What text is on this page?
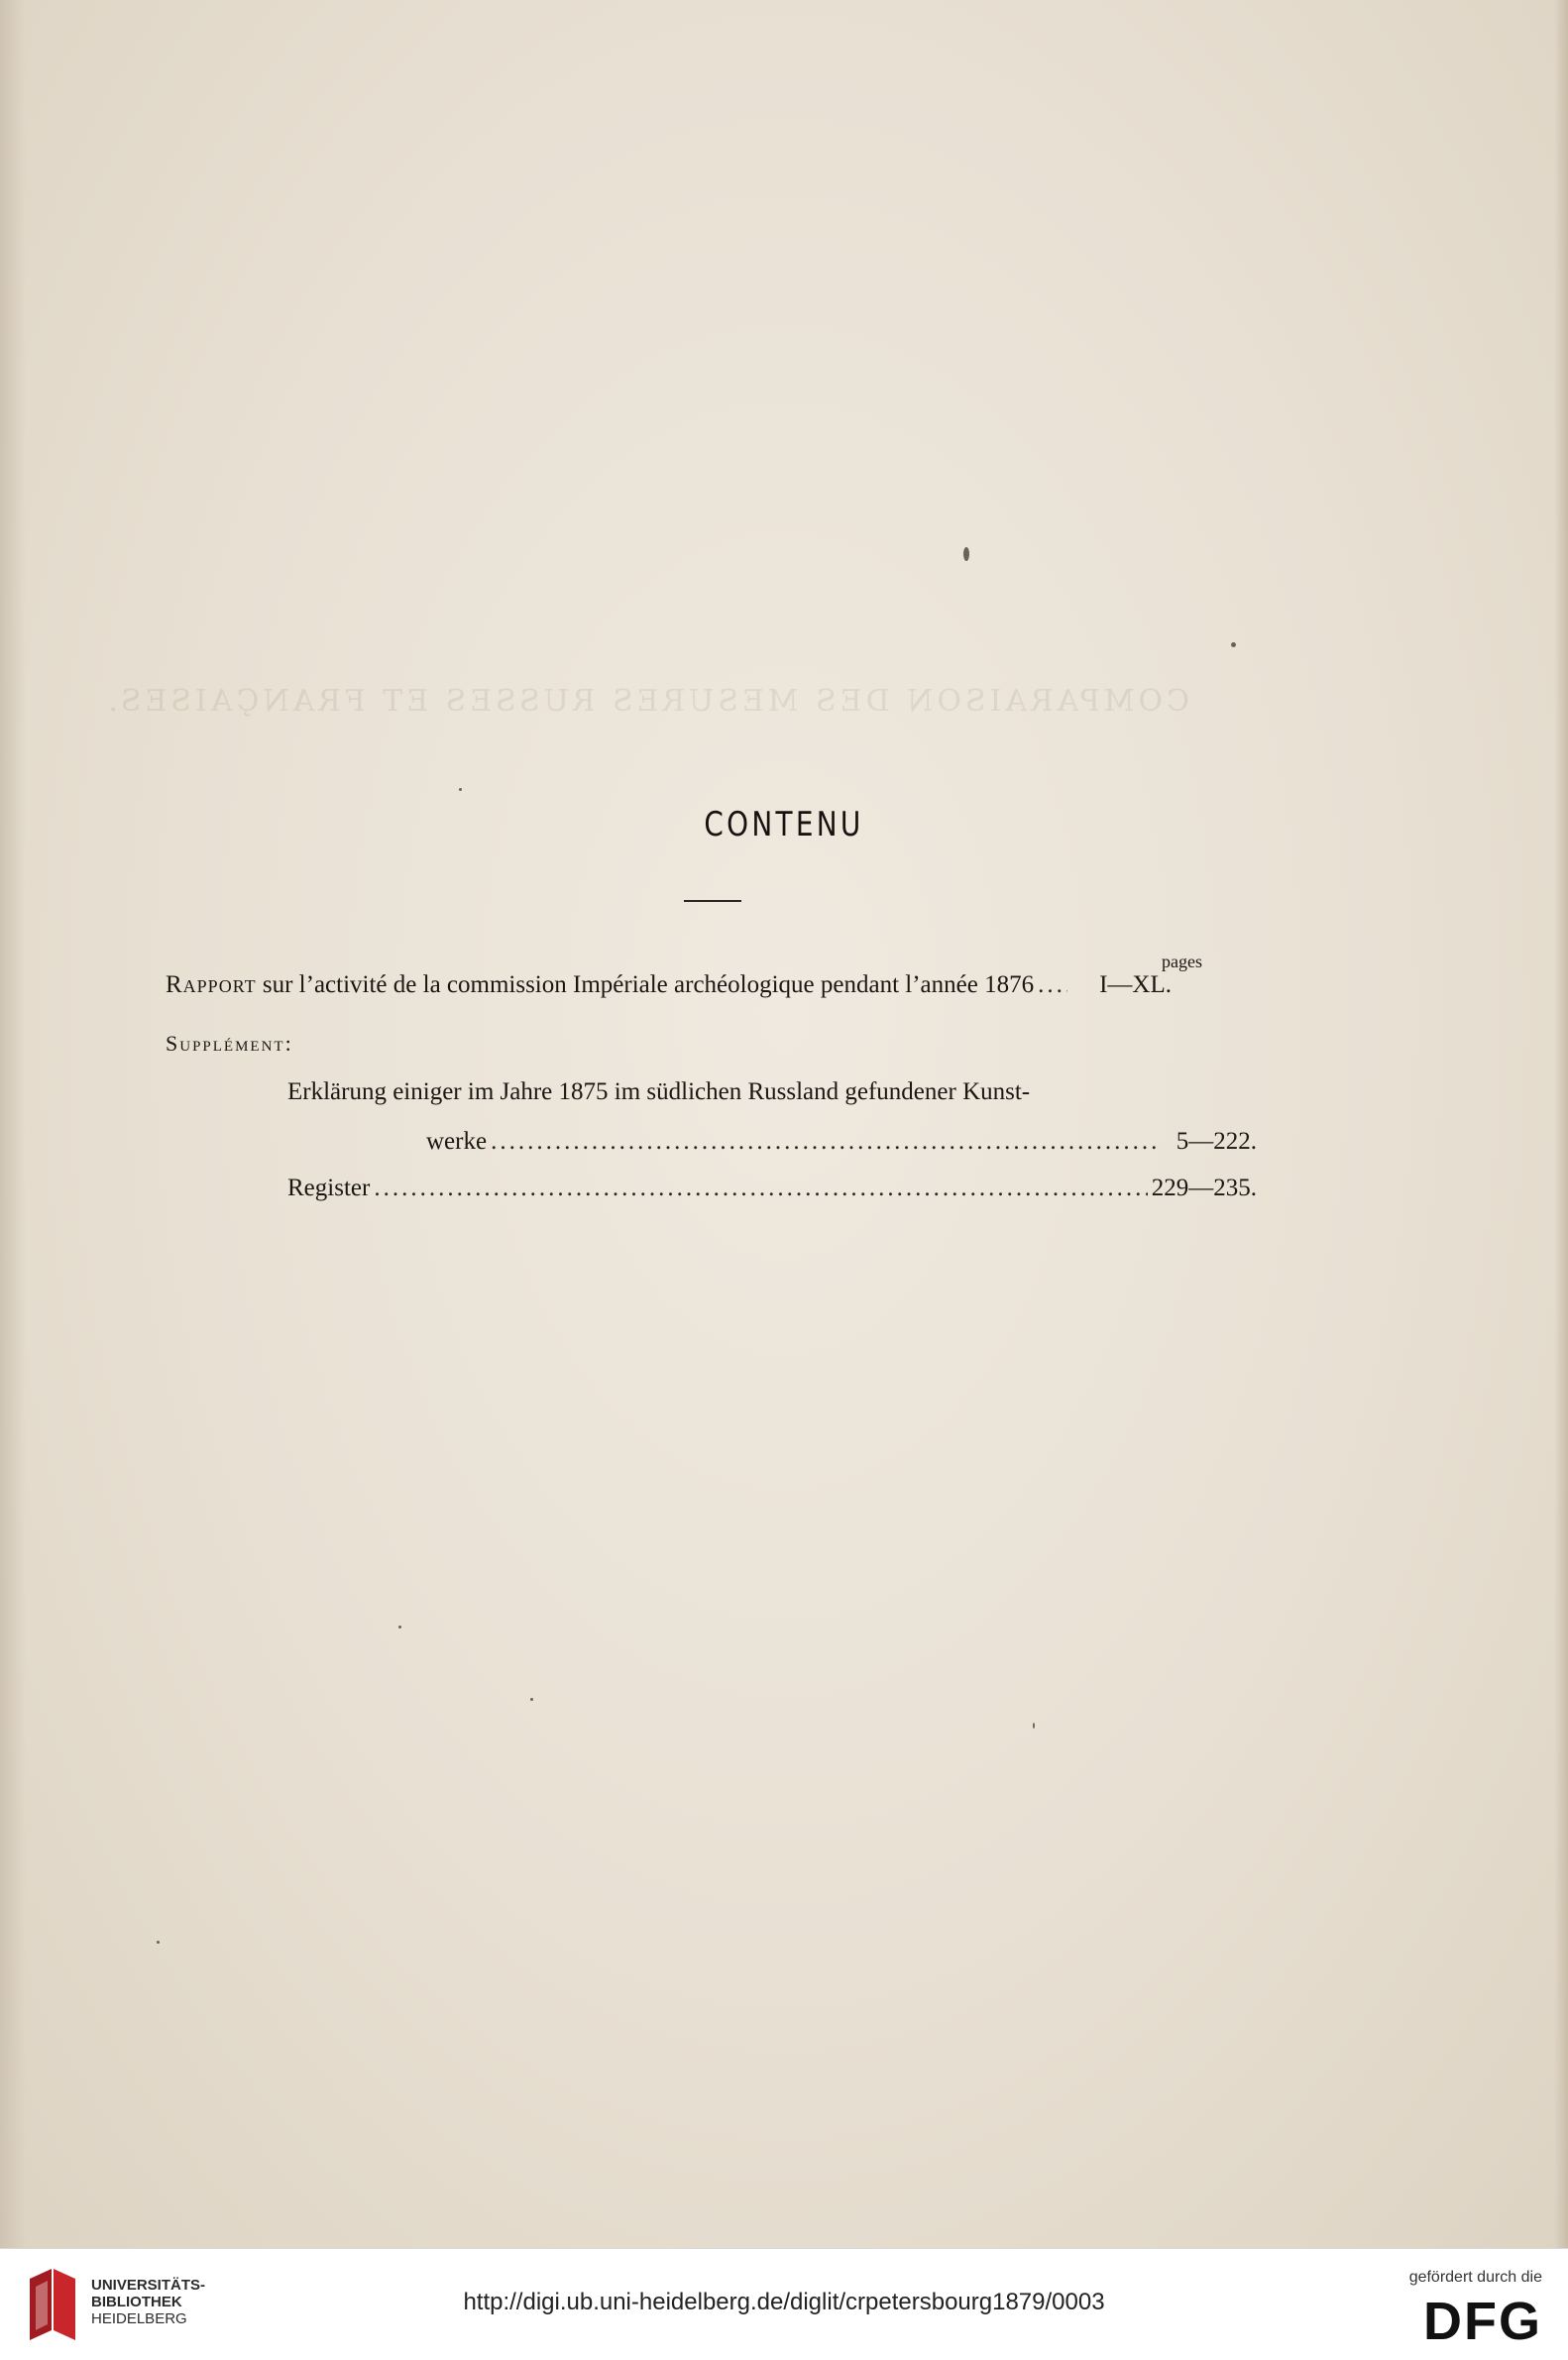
COMPARAISON DES MESURES RUSSES ET FRANÇAISES.
CONTENU
pages
Rapport sur l’activité de la commission Impériale archéologique pendant l’année 1876 .....	I—XL.
Supplément:
Erklärung einiger im Jahre 1875 im südlichen Russland gefundener Kunst-
werke .....	5—222.
Register .....	229—235.
UNIVERSITÄTS-
BIBLIOTHEK
HEIDELBERG
http://digi.ub.uni-heidelberg.de/diglit/crpetersbourg1879/0003
gefördert durch die
DFG
